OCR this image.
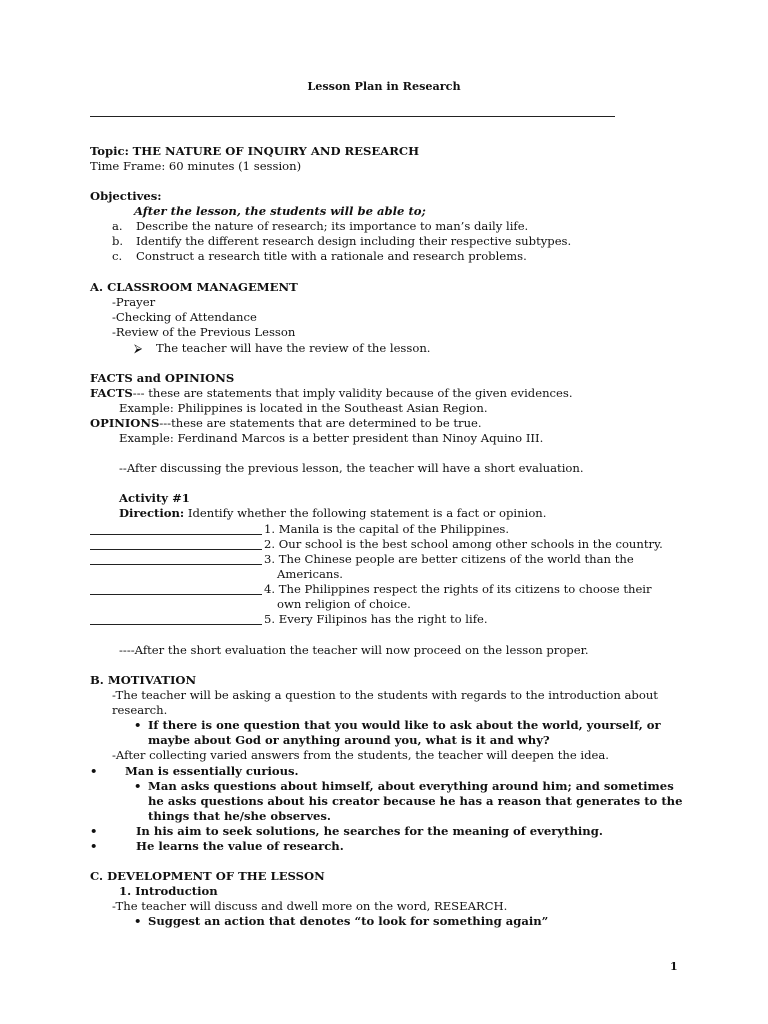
Lesson Plan in Research
Topic: THE NATURE OF INQUIRY AND RESEARCH
Time Frame: 60 minutes (1 session)
Objectives:
After the lesson, the students will be able to;
a. Describe the nature of research; its importance to man’s daily life.
b. Identify the different research design including their respective subtypes.
c. Construct a research title with a rationale and research problems.
A. CLASSROOM MANAGEMENT
-Prayer
-Checking of Attendance
-Review of the Previous Lesson
⮚ The teacher will have the review of the lesson.
FACTS and OPINIONS
FACTS--- these are statements that imply validity because of the given evidences.
Example: Philippines is located in the Southeast Asian Region.
OPINIONS---these are statements that are determined to be true.
Example: Ferdinand Marcos is a better president than Ninoy Aquino III.
--After discussing the previous lesson, the teacher will have a short evaluation.
Activity #1
Direction: Identify whether the following statement is a fact or opinion.
1. Manila is the capital of the Philippines.
2. Our school is the best school among other schools in the country.
3. The Chinese people are better citizens of the world than the
Americans.
4. The Philippines respect the rights of its citizens to choose their
own religion of choice.
5. Every Filipinos has the right to life.
----After the short evaluation the teacher will now proceed on the lesson proper.
B. MOTIVATION
-The teacher will be asking a question to the students with regards to the introduction about
research.
• If there is one question that you would like to ask about the world, yourself, or
maybe about God or anything around you, what is it and why?
-After collecting varied answers from the students, the teacher will deepen the idea.
• Man is essentially curious.
• Man asks questions about himself, about everything around him; and sometimes
he asks questions about his creator because he has a reason that generates to the
things that he/she observes.
•	In his aim to seek solutions, he searches for the meaning of everything.
•	He learns the value of research.
C. DEVELOPMENT OF THE LESSON
1. Introduction
-The teacher will discuss and dwell more on the word, RESEARCH.
• Suggest an action that denotes “to look for something again”
1
